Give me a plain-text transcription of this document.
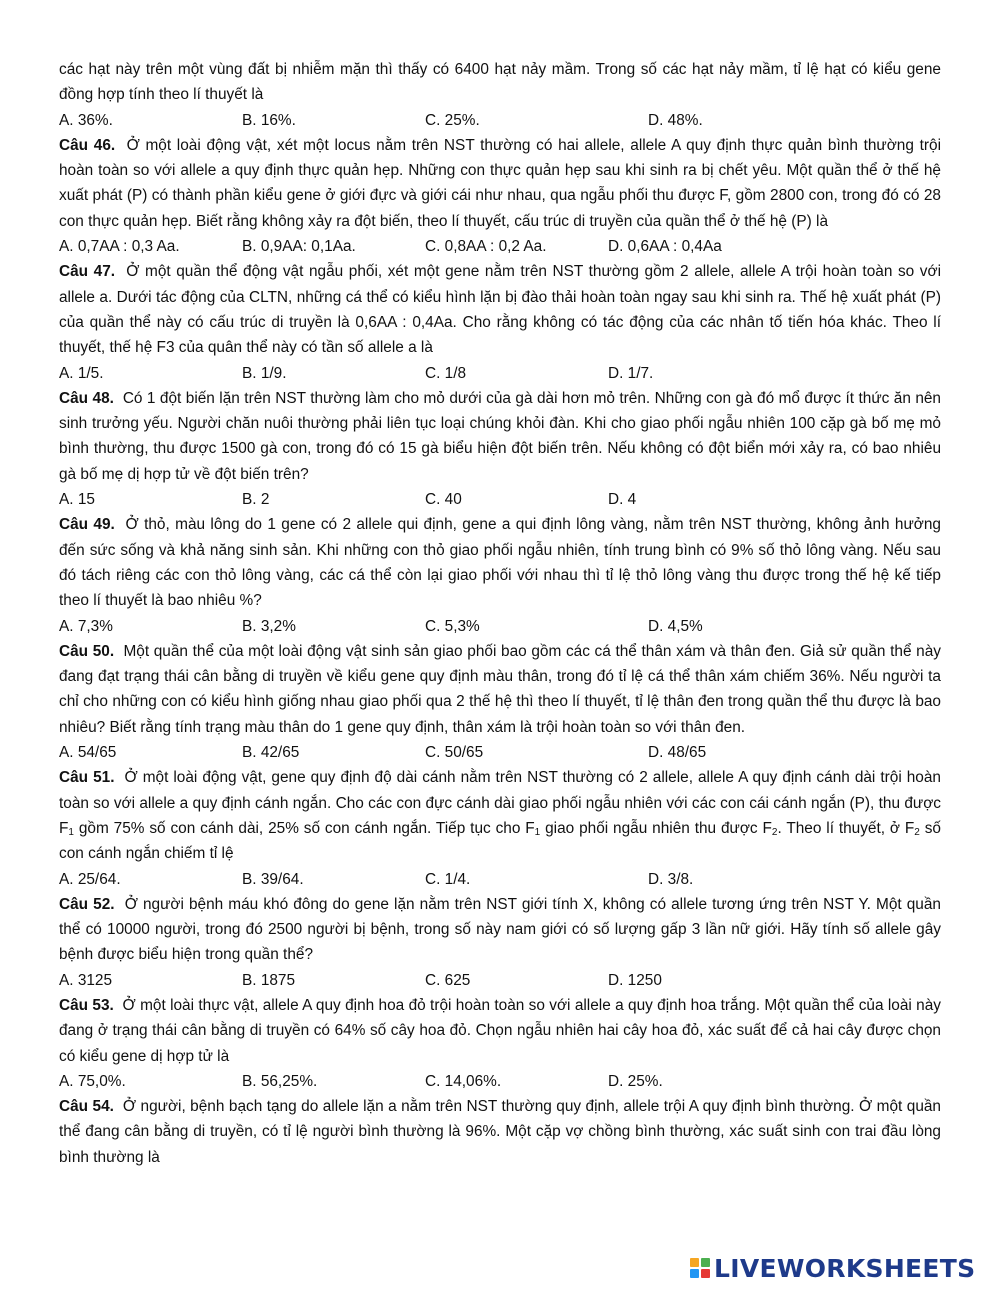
các hạt này trên một vùng đất bị nhiễm mặn thì thấy có 6400 hạt nảy mầm. Trong số các hạt nảy mầm, tỉ lệ hạt có kiểu gene đồng hợp tính theo lí thuyết là

A. 36%.	B. 16%.	C. 25%.	D. 48%.

Câu 46. Ở một loài động vật, xét một locus nằm trên NST thường có hai allele, allele A quy định thực quản bình thường trội hoàn toàn so với allele a quy định thực quản hẹp. Những con thực quản hẹp sau khi sinh ra bị chết yêu. Một quần thể ở thế hệ xuất phát (P) có thành phần kiểu gene ở giới đực và giới cái như nhau, qua ngẫu phối thu được F, gồm 2800 con, trong đó có 28 con thực quản hẹp. Biết rằng không xảy ra đột biến, theo lí thuyết, cấu trúc di truyền của quần thể ở thế hệ (P) là

A. 0,7AA : 0,3 Aa.	B. 0,9AA: 0,1Aa.	C. 0,8AA : 0,2 Aa.	D. 0,6AA : 0,4Aa

Câu 47. Ở một quần thể động vật ngẫu phối, xét một gene nằm trên NST thường gồm 2 allele, allele A trội hoàn toàn so với allele a. Dưới tác động của CLTN, những cá thể có kiểu hình lặn bị đào thải hoàn toàn ngay sau khi sinh ra. Thế hệ xuất phát (P) của quần thể này có cấu trúc di truyền là 0,6AA : 0,4Aa. Cho rằng không có tác động của các nhân tố tiến hóa khác. Theo lí thuyết, thế hệ F3 của quân thể này có tần số allele a là

A. 1/5.	B. 1/9.	C. 1/8	D. 1/7.

Câu 48. Có 1 đột biến lặn trên NST thường làm cho mỏ dưới của gà dài hơn mỏ trên. Những con gà đó mổ được ít thức ăn nên sinh trưởng yếu. Người chăn nuôi thường phải liên tục loại chúng khỏi đàn. Khi cho giao phối ngẫu nhiên 100 cặp gà bố mẹ mỏ bình thường, thu được 1500 gà con, trong đó có 15 gà biểu hiện đột biến trên. Nếu không có đột biển mới xảy ra, có bao nhiêu gà bố mẹ dị hợp tử về đột biến trên?

A. 15	B. 2	C. 40	D. 4

Câu 49. Ở thỏ, màu lông do 1 gene có 2 allele qui định, gene a qui định lông vàng, nằm trên NST thường, không ảnh hưởng đến sức sống và khả năng sinh sản. Khi những con thỏ giao phối ngẫu nhiên, tính trung bình có 9% số thỏ lông vàng. Nếu sau đó tách riêng các con thỏ lông vàng, các cá thể còn lại giao phối với nhau thì tỉ lệ thỏ lông vàng thu được trong thế hệ kế tiếp theo lí thuyết là bao nhiêu %?

A. 7,3%	B. 3,2%	C. 5,3%	D. 4,5%

Câu 50. Một quần thể của một loài động vật sinh sản giao phối bao gồm các cá thể thân xám và thân đen. Giả sử quần thể này đang đạt trạng thái cân bằng di truyền về kiểu gene quy định màu thân, trong đó tỉ lệ cá thể thân xám chiếm 36%. Nếu người ta chỉ cho những con có kiểu hình giống nhau giao phối qua 2 thế hệ thì theo lí thuyết, tỉ lệ thân đen trong quần thể thu được là bao nhiêu? Biết rằng tính trạng màu thân do 1 gene quy định, thân xám là trội hoàn toàn so với thân đen.

A. 54/65	B. 42/65	C. 50/65	D. 48/65

Câu 51. Ở một loài động vật, gene quy định độ dài cánh nằm trên NST thường có 2 allele, allele A quy định cánh dài trội hoàn toàn so với allele a quy định cánh ngắn. Cho các con đực cánh dài giao phối ngẫu nhiên với các con cái cánh ngắn (P), thu được $F_1$ gồm 75% số con cánh dài, 25% số con cánh ngắn. Tiếp tục cho $F_1$ giao phối ngẫu nhiên thu được $F_2$. Theo lí thuyết, ở $F_2$ số con cánh ngắn chiếm tỉ lệ

A. 25/64.	B. 39/64.	C. 1/4.	D. 3/8.

Câu 52. Ở người bệnh máu khó đông do gene lặn nằm trên NST giới tính X, không có allele tương ứng trên NST Y. Một quần thể có 10000 người, trong đó 2500 người bị bệnh, trong số này nam giới có số lượng gấp 3 lần nữ giới. Hãy tính số allele gây bệnh được biểu hiện trong quần thể?

A. 3125	B. 1875	C. 625	D. 1250

Câu 53. Ở một loài thực vật, allele A quy định hoa đỏ trội hoàn toàn so với allele a quy định hoa trắng. Một quần thể của loài này đang ở trạng thái cân bằng di truyền có 64% số cây hoa đỏ. Chọn ngẫu nhiên hai cây hoa đỏ, xác suất để cả hai cây được chọn có kiểu gene dị hợp tử là

A. 75,0%.	B. 56,25%.	C. 14,06%.	D. 25%.

Câu 54. Ở người, bệnh bạch tạng do allele lặn a nằm trên NST thường quy định, allele trội A quy định bình thường. Ở một quần thể đang cân bằng di truyền, có tỉ lệ người bình thường là 96%. Một cặp vợ chồng bình thường, xác suất sinh con trai đầu lòng bình thường là

LIVEWORKSHEETS
